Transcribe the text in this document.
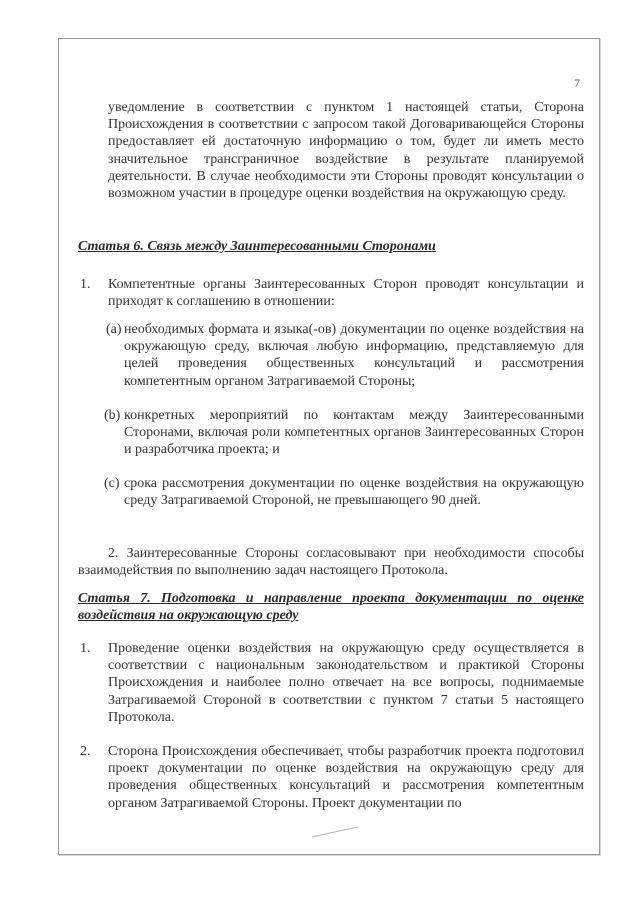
7

уведомление в соответствии с пунктом 1 настоящей статьи, Сторона Происхождения в соответствии с запросом такой Договаривающейся Стороны предоставляет ей достаточную информацию о том, будет ли иметь место значительное трансграничное воздействие в результате планируемой деятельности. В случае необходимости эти Стороны проводят консультации о возможном участии в процедуре оценки воздействия на окружающую среду.

Статья 6. Связь между Заинтересованными Сторонами

1. Компетентные органы Заинтересованных Сторон проводят консультации и приходят к соглашению в отношении:

(a) необходимых формата и языка(-ов) документации по оценке воздействия на окружающую среду, включая любую информацию, представляемую для целей проведения общественных консультаций и рассмотрения компетентным органом Затрагиваемой Стороны;

(b) конкретных мероприятий по контактам между Заинтересованными Сторонами, включая роли компетентных органов Заинтересованных Сторон и разработчика проекта; и

(c) срока рассмотрения документации по оценке воздействия на окружающую среду Затрагиваемой Стороной, не превышающего 90 дней.

2. Заинтересованные Стороны согласовывают при необходимости способы взаимодействия по выполнению задач настоящего Протокола.

Статья 7. Подготовка и направление проекта документации по оценке воздействия на окружающую среду

1. Проведение оценки воздействия на окружающую среду осуществляется в соответствии с национальным законодательством и практикой Стороны Происхождения и наиболее полно отвечает на все вопросы, поднимаемые Затрагиваемой Стороной в соответствии с пунктом 7 статьи 5 настоящего Протокола.

2. Сторона Происхождения обеспечивает, чтобы разработчик проекта подготовил проект документации по оценке воздействия на окружающую среду для проведения общественных консультаций и рассмотрения компетентным органом Затрагиваемой Стороны. Проект документации по
